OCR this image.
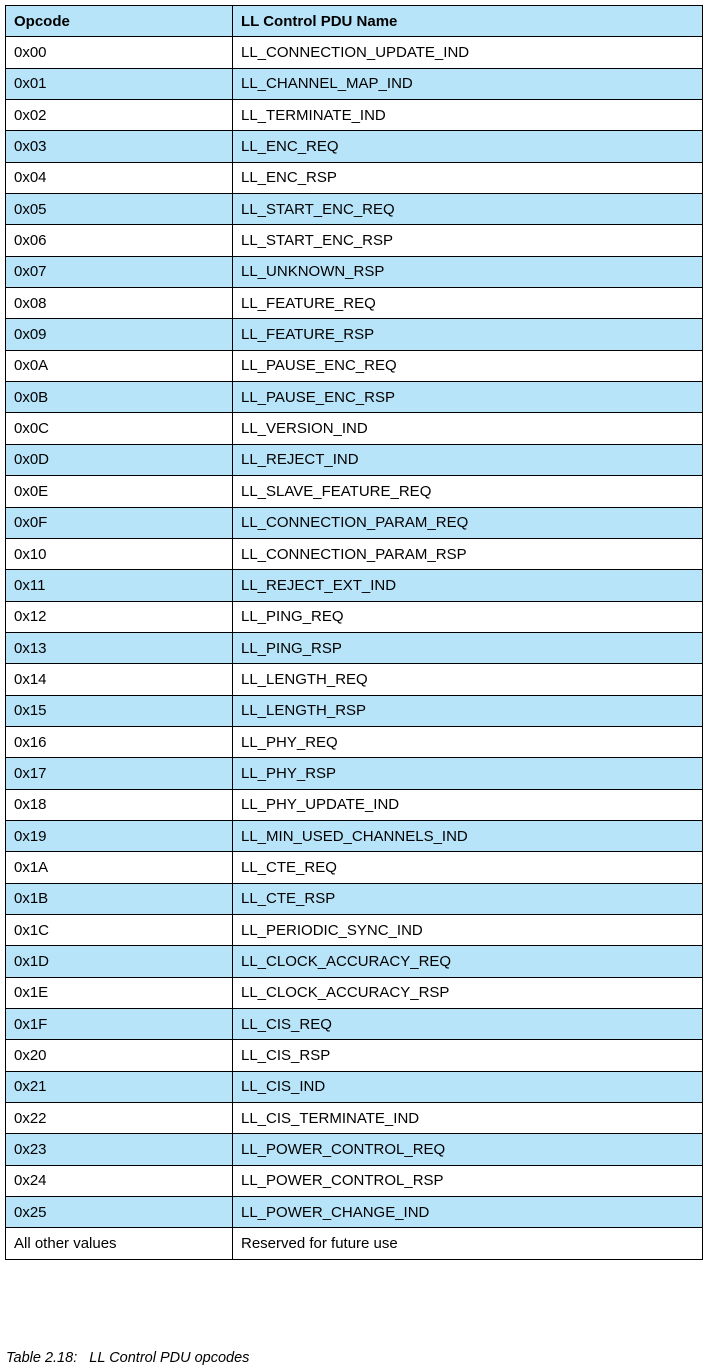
Opcode	LL Control PDU Name
0x00	LL_CONNECTION_UPDATE_IND
0x01	LL_CHANNEL_MAP_IND
0x02	LL_TERMINATE_IND
0x03	LL_ENC_REQ
0x04	LL_ENC_RSP
0x05	LL_START_ENC_REQ
0x06	LL_START_ENC_RSP
0x07	LL_UNKNOWN_RSP
0x08	LL_FEATURE_REQ
0x09	LL_FEATURE_RSP
0x0A	LL_PAUSE_ENC_REQ
0x0B	LL_PAUSE_ENC_RSP
0x0C	LL_VERSION_IND
0x0D	LL_REJECT_IND
0x0E	LL_SLAVE_FEATURE_REQ
0x0F	LL_CONNECTION_PARAM_REQ
0x10	LL_CONNECTION_PARAM_RSP
0x11	LL_REJECT_EXT_IND
0x12	LL_PING_REQ
0x13	LL_PING_RSP
0x14	LL_LENGTH_REQ
0x15	LL_LENGTH_RSP
0x16	LL_PHY_REQ
0x17	LL_PHY_RSP
0x18	LL_PHY_UPDATE_IND
0x19	LL_MIN_USED_CHANNELS_IND
0x1A	LL_CTE_REQ
0x1B	LL_CTE_RSP
0x1C	LL_PERIODIC_SYNC_IND
0x1D	LL_CLOCK_ACCURACY_REQ
0x1E	LL_CLOCK_ACCURACY_RSP
0x1F	LL_CIS_REQ
0x20	LL_CIS_RSP
0x21	LL_CIS_IND
0x22	LL_CIS_TERMINATE_IND
0x23	LL_POWER_CONTROL_REQ
0x24	LL_POWER_CONTROL_RSP
0x25	LL_POWER_CHANGE_IND
All other values	Reserved for future use
Table 2.18:   LL Control PDU opcodes
